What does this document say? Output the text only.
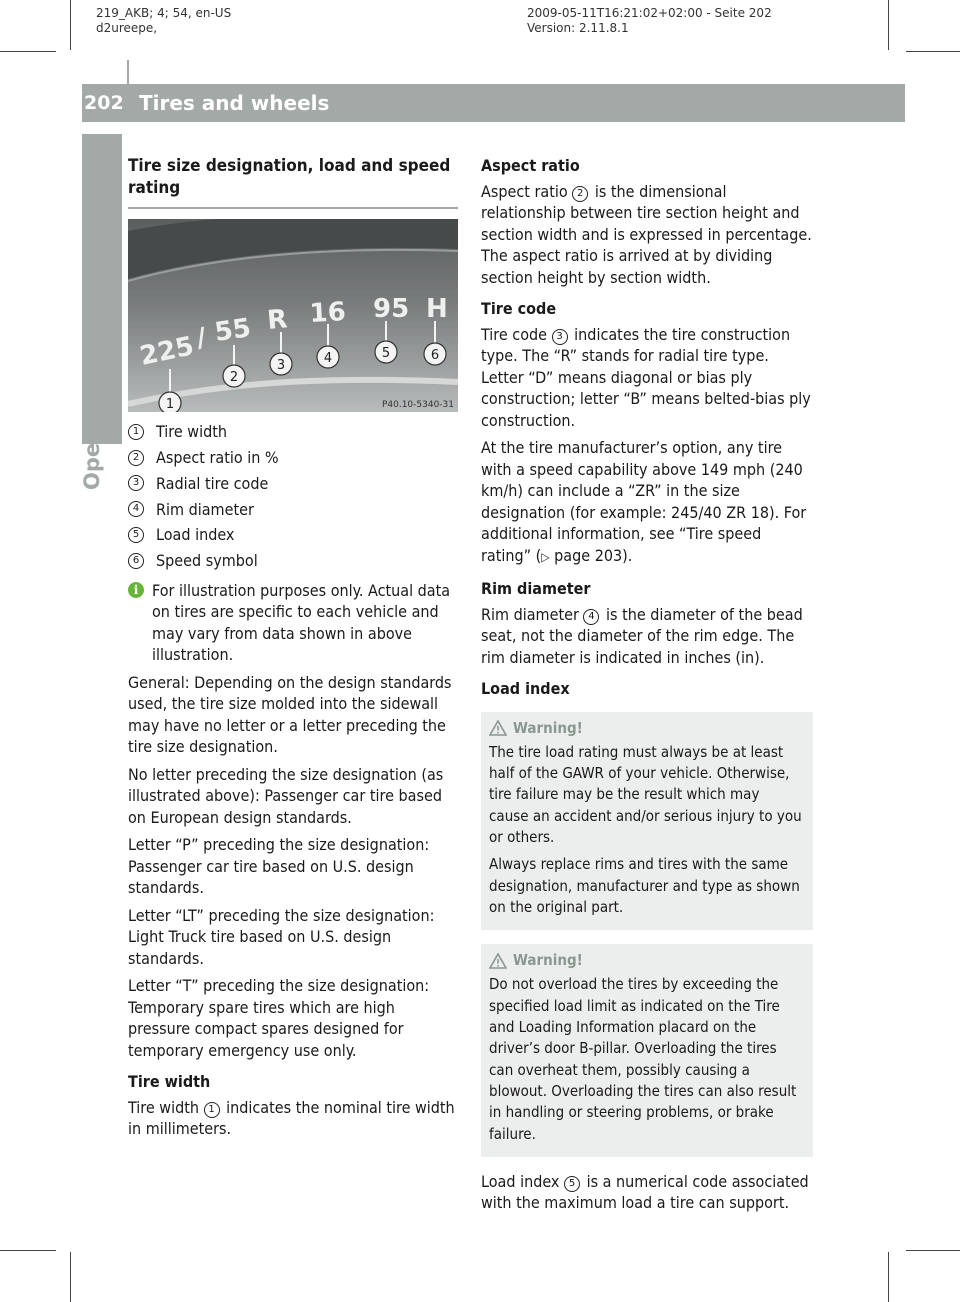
219_AKB; 4; 54, en-US
d2ureepe,
2009-05-11T16:21:02+02:00 - Seite 202
Version: 2.11.8.1
202 Tires and wheels
Operation
Tire size designation, load and speed rating
225
/ 55 R 16 95 H
1
2
3	4	5	6
P40.10-5340-31
1	Tire width
2	Aspect ratio in %
3	Radial tire code
4	Rim diameter
5	Load index
6	Speed symbol
i For illustration purposes only. Actual data on tires are specific to each vehicle and may vary from data shown in above illustration.

General: Depending on the design standards used, the tire size molded into the sidewall may have no letter or a letter preceding the tire size designation.

No letter preceding the size designation (as illustrated above): Passenger car tire based on European design standards.

Letter “P” preceding the size designation: Passenger car tire based on U.S. design standards.

Letter “LT” preceding the size designation: Light Truck tire based on U.S. design standards.

Letter “T” preceding the size designation: Temporary spare tires which are high pressure compact spares designed for temporary emergency use only.

Tire width

Tire width 1 indicates the nominal tire width in millimeters.

Aspect ratio

Aspect ratio 2 is the dimensional relationship between tire section height and section width and is expressed in percentage. The aspect ratio is arrived at by dividing section height by section width.

Tire code

Tire code 3 indicates the tire construction type. The “R” stands for radial tire type. Letter “D” means diagonal or bias ply construction; letter “B” means belted-bias ply construction.

At the tire manufacturer’s option, any tire with a speed capability above 149 mph (240 km/h) can include a “ZR” in the size designation (for example: 245/40 ZR 18). For additional information, see “Tire speed rating” (▷ page 203).

Rim diameter

Rim diameter 4 is the diameter of the bead seat, not the diameter of the rim edge. The rim diameter is indicated in inches (in).

Load index
Warning!

The tire load rating must always be at least half of the GAWR of your vehicle. Otherwise, tire failure may be the result which may cause an accident and/or serious injury to you or others.

Always replace rims and tires with the same designation, manufacturer and type as shown on the original part.

Warning!

Do not overload the tires by exceeding the specified load limit as indicated on the Tire and Loading Information placard on the driver’s door B-pillar. Overloading the tires can overheat them, possibly causing a blowout. Overloading the tires can also result in handling or steering problems, or brake failure.

Load index 5 is a numerical code associated with the maximum load a tire can support.
